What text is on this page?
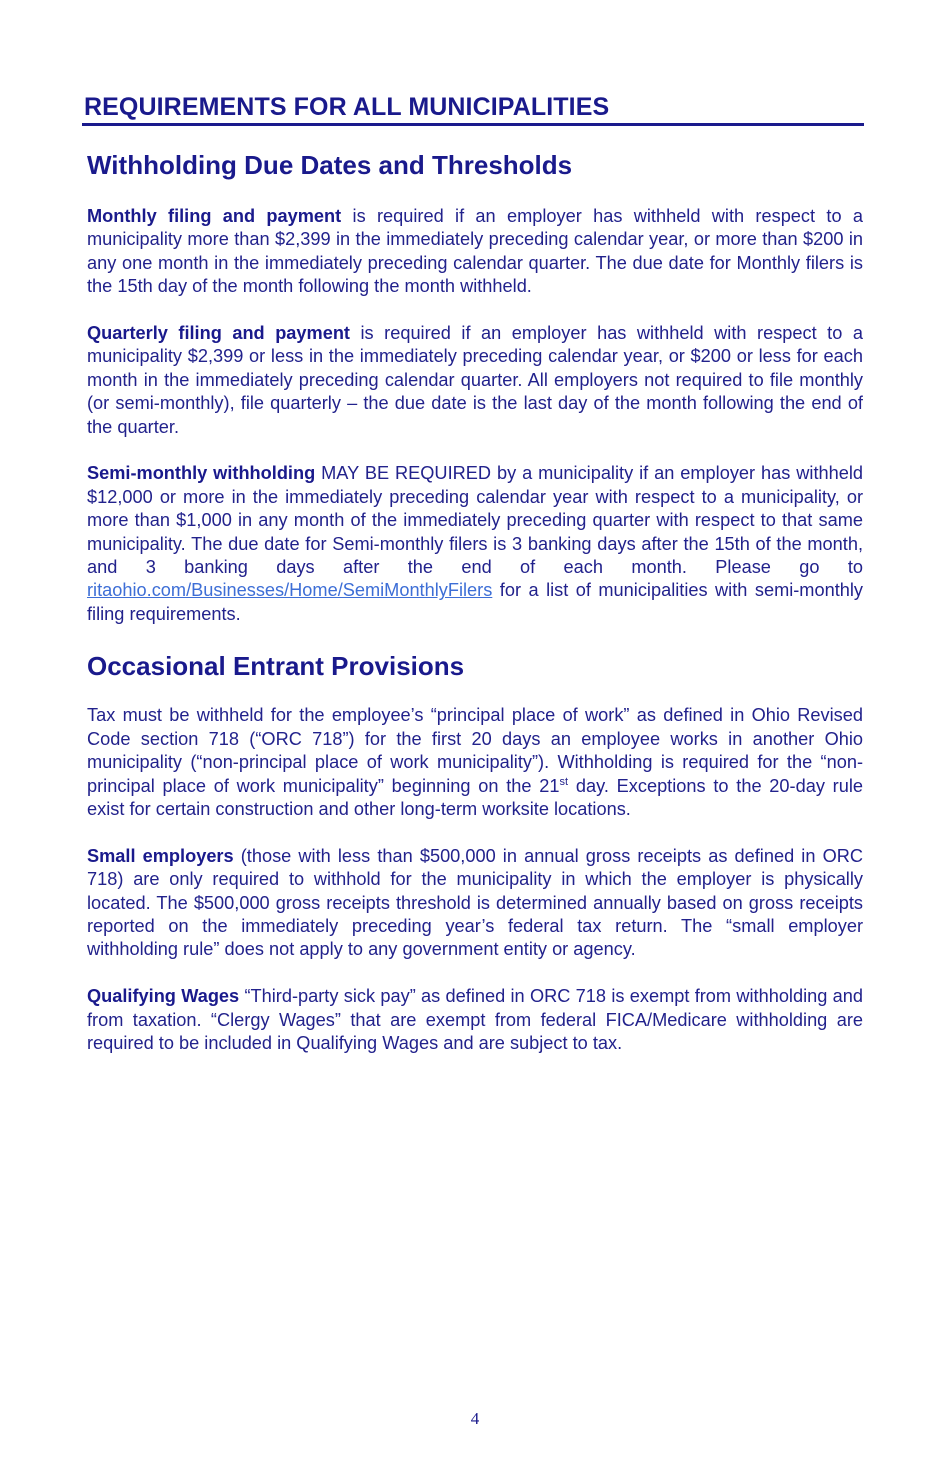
REQUIREMENTS FOR ALL MUNICIPALITIES
Withholding Due Dates and Thresholds

Monthly filing and payment is required if an employer has withheld with respect to a municipality more than $2,399 in the immediately preceding calendar year, or more than $200 in any one month in the immediately preceding calendar quarter. The due date for Monthly filers is the 15th day of the month following the month withheld.

Quarterly filing and payment is required if an employer has withheld with respect to a municipality $2,399 or less in the immediately preceding calendar year, or $200 or less for each month in the immediately preceding calendar quarter. All employers not required to file monthly (or semi-monthly), file quarterly – the due date is the last day of the month following the end of the quarter.

Semi-monthly withholding MAY BE REQUIRED by a municipality if an employer has withheld $12,000 or more in the immediately preceding calendar year with respect to a municipality, or more than $1,000 in any month of the immediately preceding quarter with respect to that same municipality. The due date for Semi-monthly filers is 3 banking days after the 15th of the month, and 3 banking days after the end of each month. Please go to ritaohio.com/Businesses/Home/SemiMonthlyFilers for a list of municipalities with semi-monthly filing requirements.

Occasional Entrant Provisions

Tax must be withheld for the employee’s “principal place of work” as defined in Ohio Revised Code section 718 (“ORC 718”) for the first 20 days an employee works in another Ohio municipality (“non-principal place of work municipality”). Withholding is required for the “non-principal place of work municipality” beginning on the 21st day. Exceptions to the 20-day rule exist for certain construction and other long-term worksite locations.

Small employers (those with less than $500,000 in annual gross receipts as defined in ORC 718) are only required to withhold for the municipality in which the employer is physically located. The $500,000 gross receipts threshold is determined annually based on gross receipts reported on the immediately preceding year’s federal tax return. The “small employer withholding rule” does not apply to any government entity or agency.

Qualifying Wages “Third-party sick pay” as defined in ORC 718 is exempt from withholding and from taxation. “Clergy Wages” that are exempt from federal FICA/Medicare withholding are required to be included in Qualifying Wages and are subject to tax.

4
